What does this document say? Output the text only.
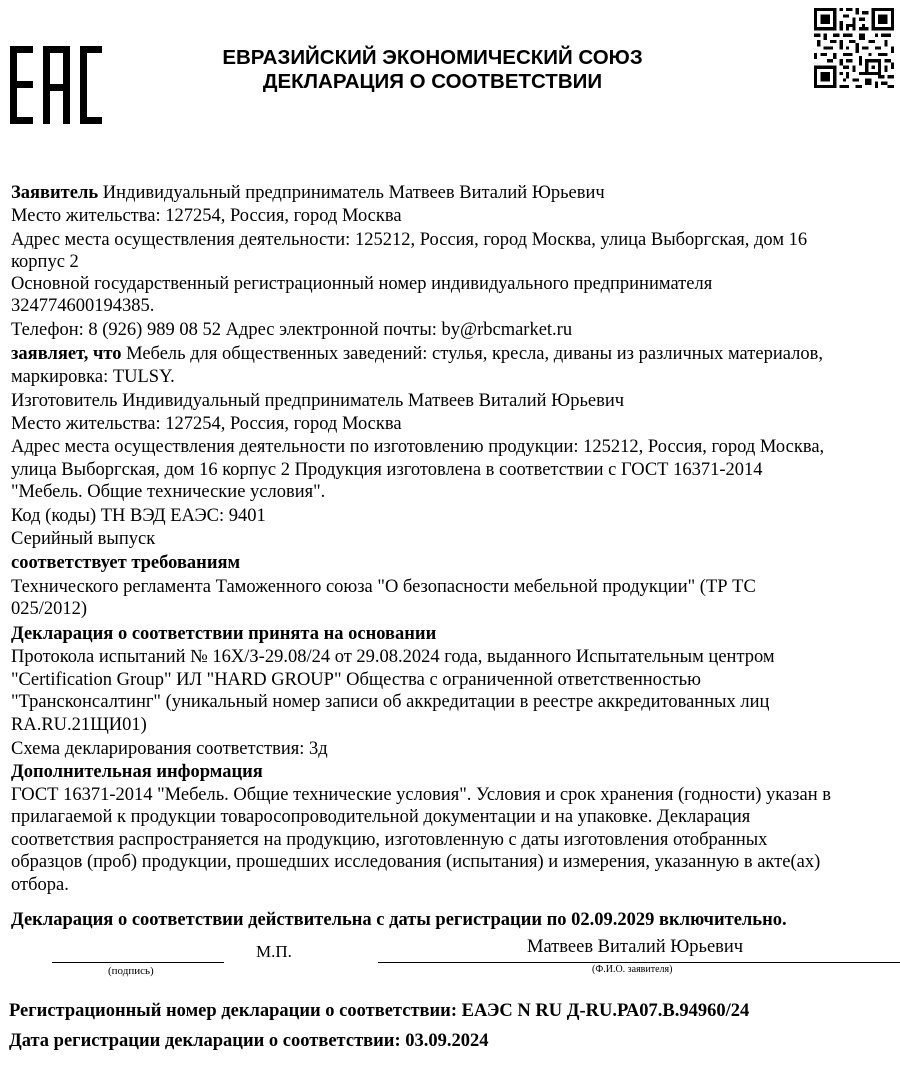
ЕВРАЗИЙСКИЙ ЭКОНОМИЧЕСКИЙ СОЮЗ
ДЕКЛАРАЦИЯ О СООТВЕТСТВИИ
Заявитель Индивидуальный предприниматель Матвеев Виталий Юрьевич
Место жительства: 127254, Россия, город Москва
Адрес места осуществления деятельности: 125212, Россия, город Москва, улица Выборгская, дом 16
корпус 2
Основной государственный регистрационный номер индивидуального предпринимателя
324774600194385.
Телефон: 8 (926) 989 08 52 Адрес электронной почты: by@rbcmarket.ru
заявляет, что Мебель для общественных заведений: стулья, кресла, диваны из различных материалов,
маркировка: TULSY.
Изготовитель Индивидуальный предприниматель Матвеев Виталий Юрьевич
Место жительства: 127254, Россия, город Москва
Адрес места осуществления деятельности по изготовлению продукции: 125212, Россия, город Москва,
улица Выборгская, дом 16 корпус 2 Продукция изготовлена в соответствии с ГОСТ 16371-2014
"Мебель. Общие технические условия".
Код (коды) ТН ВЭД ЕАЭС: 9401
Серийный выпуск
соответствует требованиям
Технического регламента Таможенного союза "О безопасности мебельной продукции" (ТР ТС
025/2012)
Декларация о соответствии принята на основании
Протокола испытаний № 16Х/З-29.08/24 от 29.08.2024 года, выданного Испытательным центром
"Certification Group" ИЛ "HARD GROUP" Общества с ограниченной ответственностью
"Трансконсалтинг" (уникальный номер записи об аккредитации в реестре аккредитованных лиц
RA.RU.21ЩИ01)
Схема декларирования соответствия: 3д
Дополнительная информация
ГОСТ 16371-2014 "Мебель. Общие технические условия". Условия и срок хранения (годности) указан в
прилагаемой к продукции товаросопроводительной документации и на упаковке. Декларация
соответствия распространяется на продукцию, изготовленную с даты изготовления отобранных
образцов (проб) продукции, прошедших исследования (испытания) и измерения, указанную в акте(ах)
отбора.
Декларация о соответствии действительна с даты регистрации по 02.09.2029 включительно.
(подпись)
М.П.	Матвеев Виталий Юрьевич
(Ф.И.О. заявителя)
Регистрационный номер декларации о соответствии: ЕАЭС N RU Д-RU.РА07.В.94960/24
Дата регистрации декларации о соответствии: 03.09.2024
